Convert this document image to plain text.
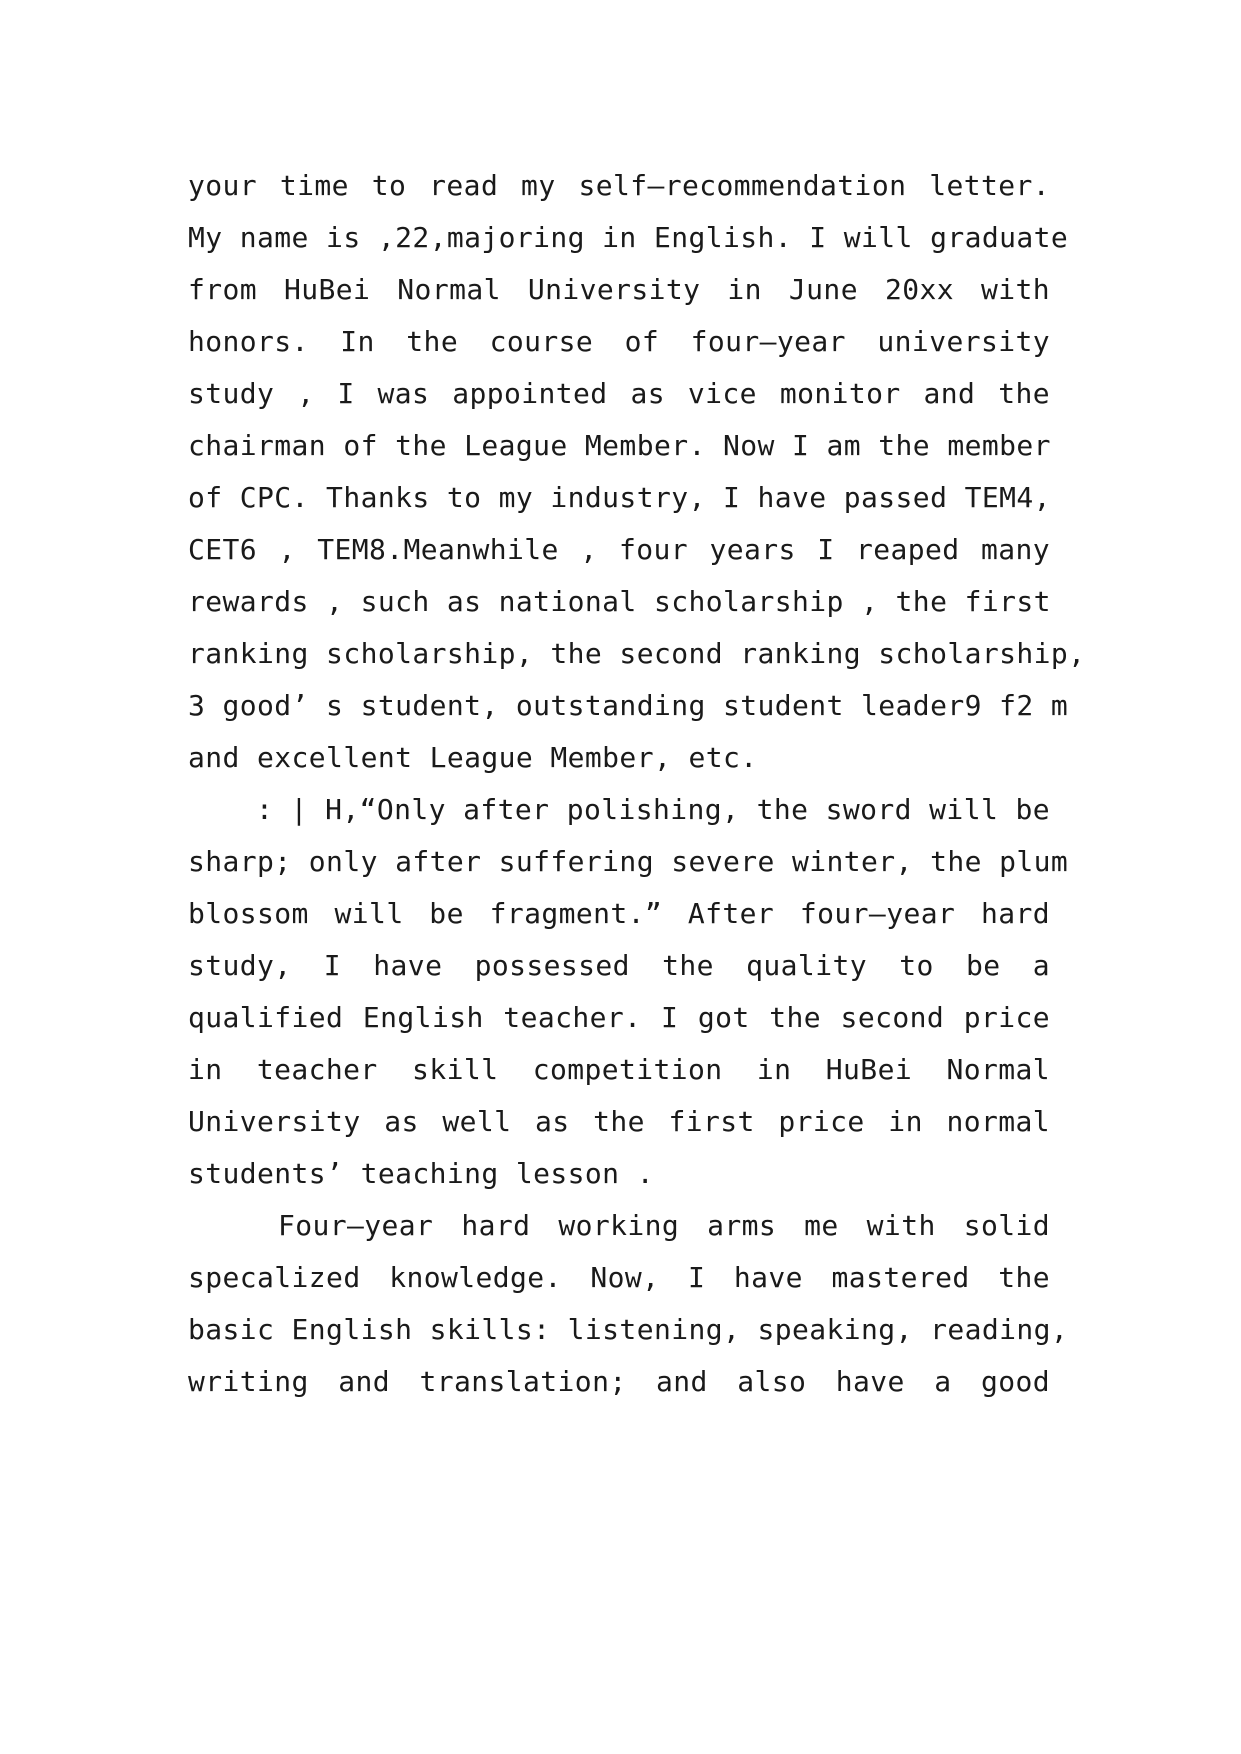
your time to read my self—recommendation letter.
My name is ,22,majoring in English. I will graduate
from HuBei Normal University in June 20xx with
honors. In the course of four—year university
study , I was appointed as vice monitor and the
chairman of the League Member. Now I am the member
of CPC. Thanks to my industry, I have passed TEM4,
CET6 , TEM8.Meanwhile , four years I reaped many
rewards , such as national scholarship , the first
ranking scholarship, the second ranking scholarship,
3 good’ s student, outstanding student leader9 f2 m
and excellent League Member, etc.
: | H,“Only after polishing, the sword will be
sharp; only after suffering severe winter, the plum
blossom will be fragment.” After four—year hard
study, I have possessed the quality to be a
qualified English teacher. I got the second price
in teacher skill competition in HuBei Normal
University as well as the first price in normal
students’ teaching lesson .
Four—year hard working arms me with solid
specalized knowledge. Now, I have mastered the
basic English skills: listening, speaking, reading,
writing and translation; and also have a good
